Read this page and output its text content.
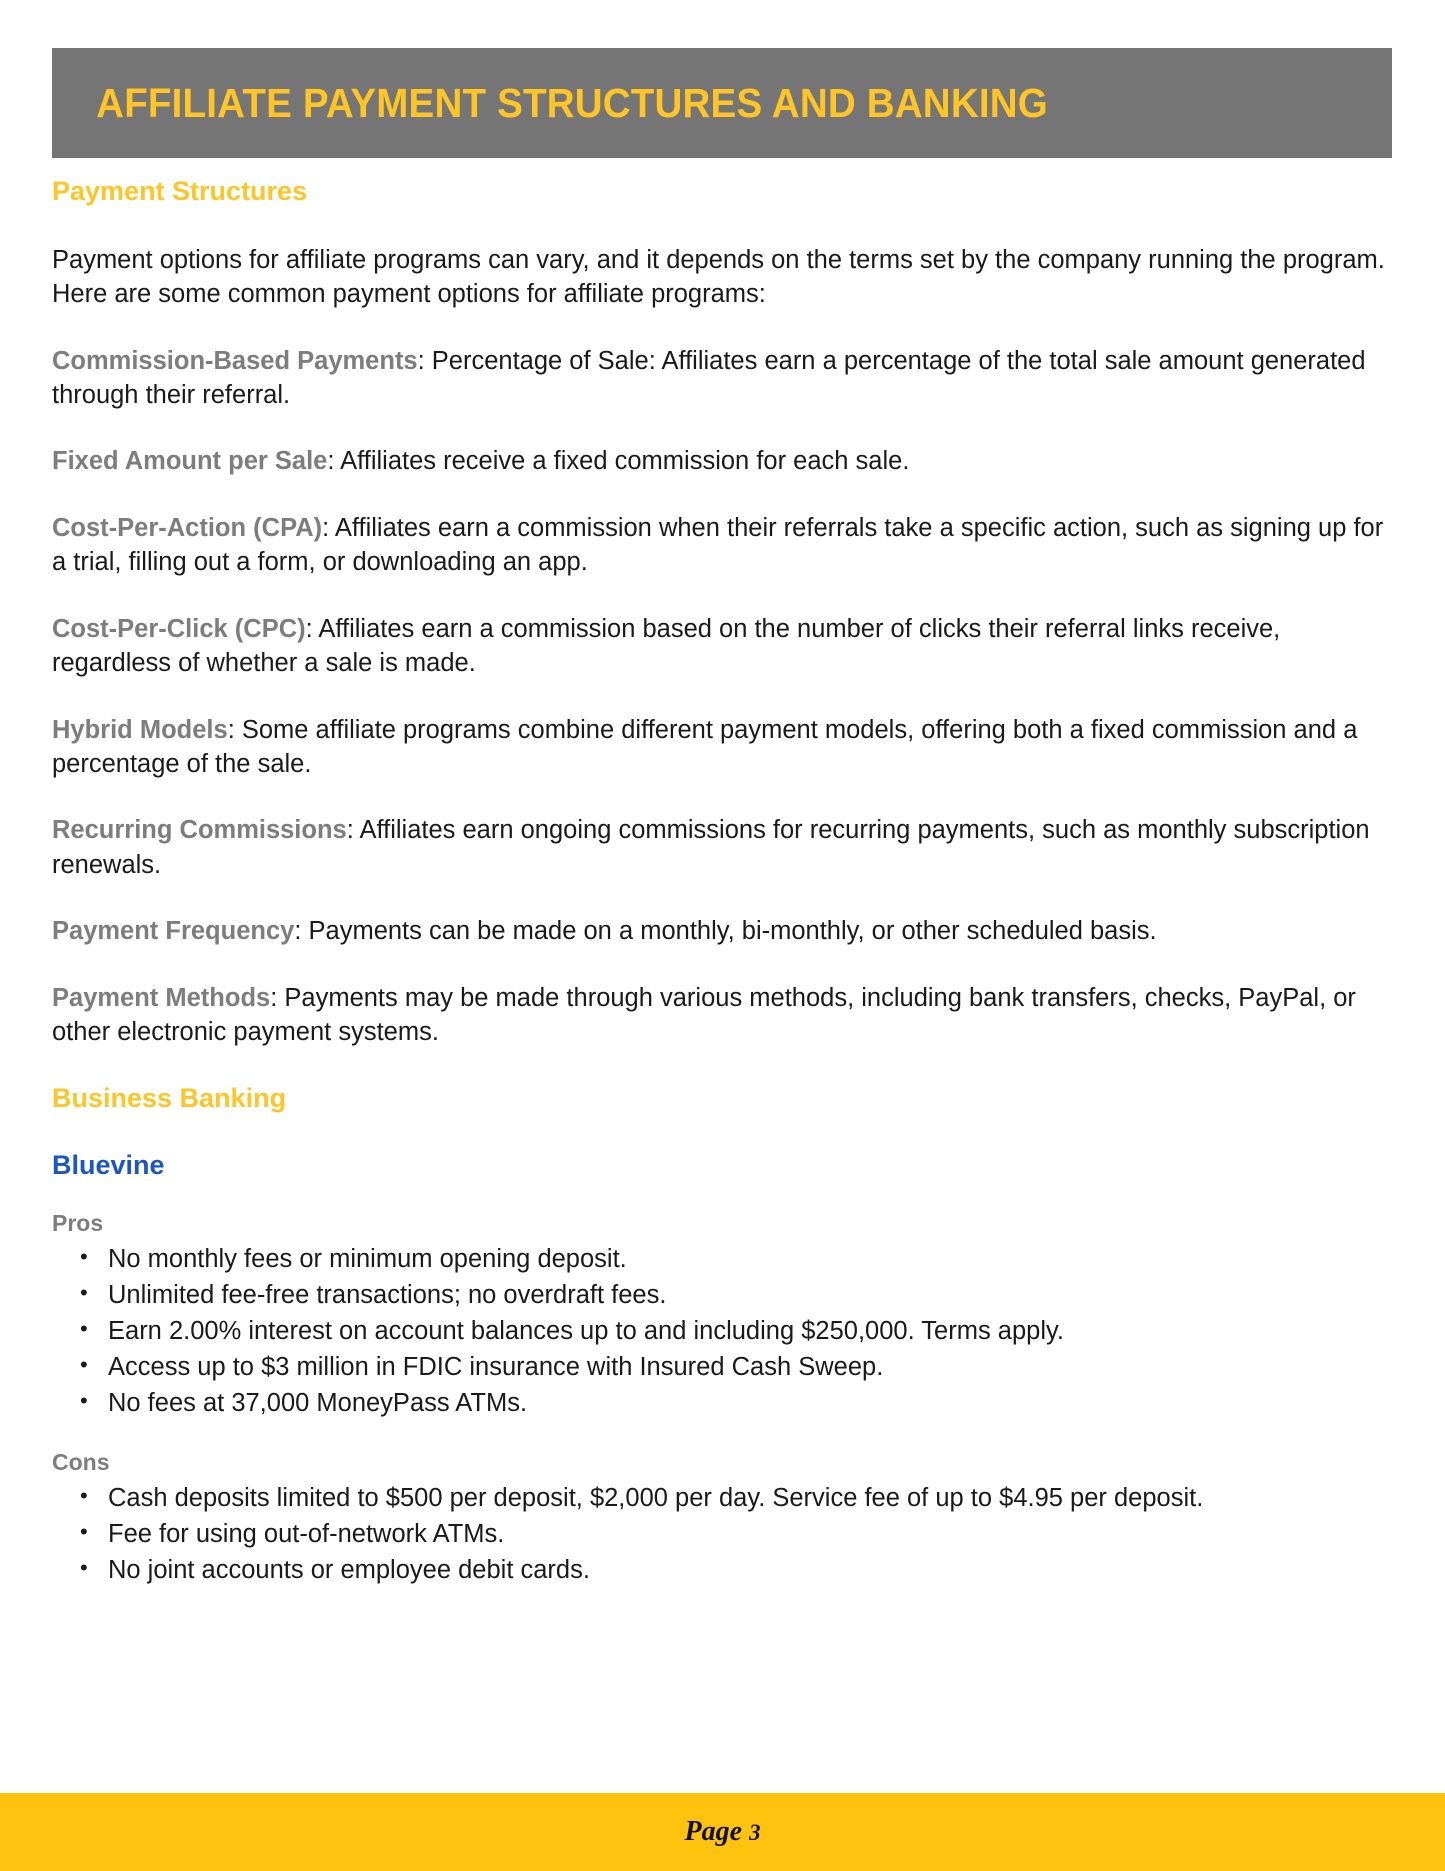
AFFILIATE PAYMENT STRUCTURES AND BANKING
Payment Structures

Payment options for affiliate programs can vary, and it depends on the terms set by the company running the program. Here are some common payment options for affiliate programs:

Commission-Based Payments: Percentage of Sale: Affiliates earn a percentage of the total sale amount generated through their referral.

Fixed Amount per Sale: Affiliates receive a fixed commission for each sale.

Cost-Per-Action (CPA): Affiliates earn a commission when their referrals take a specific action, such as signing up for a trial, filling out a form, or downloading an app.

Cost-Per-Click (CPC): Affiliates earn a commission based on the number of clicks their referral links receive, regardless of whether a sale is made.

Hybrid Models: Some affiliate programs combine different payment models, offering both a fixed commission and a percentage of the sale.

Recurring Commissions: Affiliates earn ongoing commissions for recurring payments, such as monthly subscription renewals.

Payment Frequency: Payments can be made on a monthly, bi-monthly, or other scheduled basis.

Payment Methods: Payments may be made through various methods, including bank transfers, checks, PayPal, or other electronic payment systems.

Business Banking
Bluevine

Pros

• No monthly fees or minimum opening deposit.
• Unlimited fee-free transactions; no overdraft fees.
• Earn 2.00% interest on account balances up to and including $250,000. Terms apply.
• Access up to $3 million in FDIC insurance with Insured Cash Sweep.
• No fees at 37,000 MoneyPass ATMs.

Cons

• Cash deposits limited to $500 per deposit, $2,000 per day. Service fee of up to $4.95 per deposit.
• Fee for using out-of-network ATMs.
• No joint accounts or employee debit cards.
Page 3
